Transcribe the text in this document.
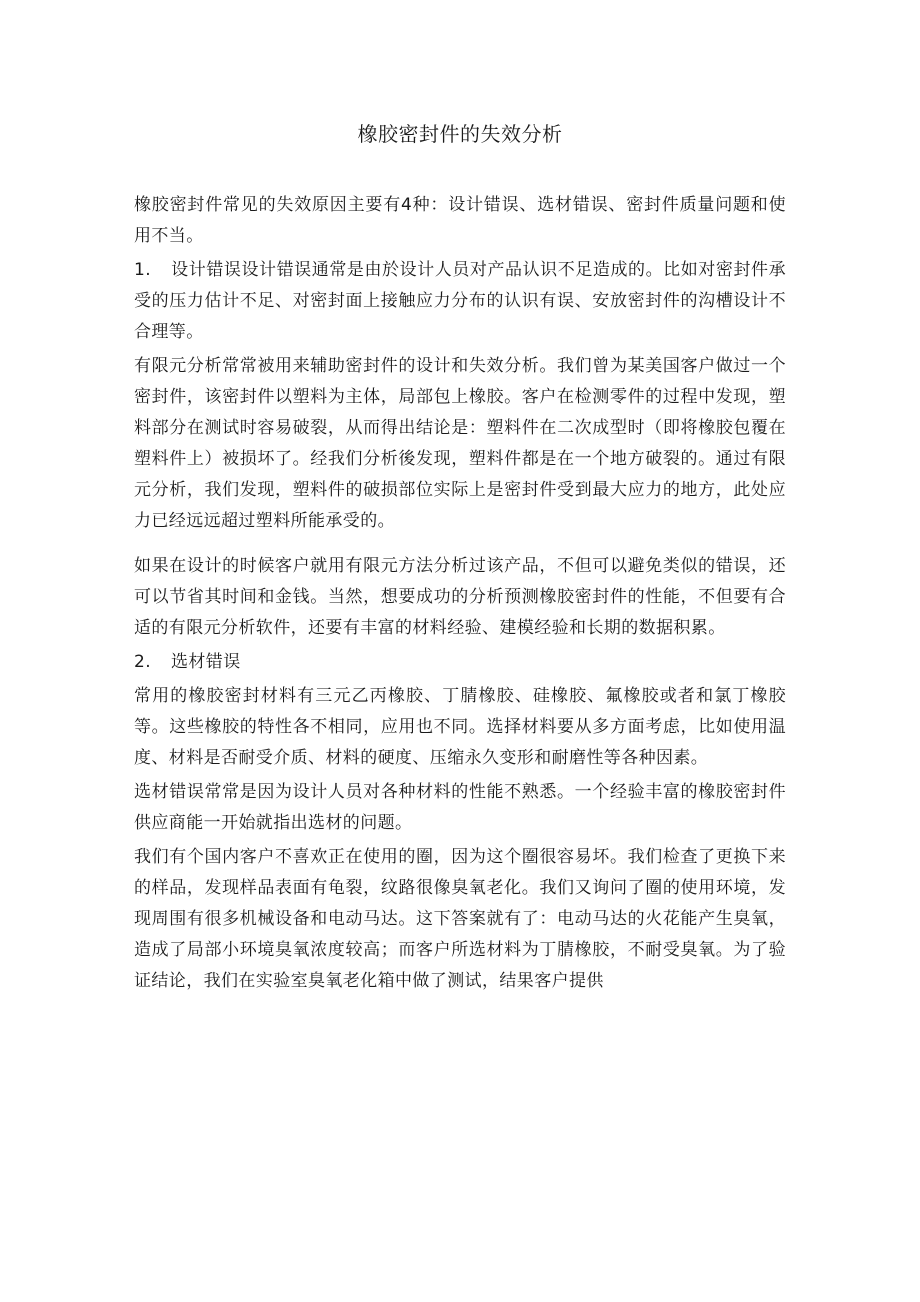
橡胶密封件的失效分析

橡胶密封件常见的失效原因主要有4种：设计错误、选材错误、密封件质量问题和使用不当。

1. 设计错误设计错误通常是由於设计人员对产品认识不足造成的。比如对密封件承受的压力估计不足、对密封面上接触应力分布的认识有误、安放密封件的沟槽设计不合理等。

有限元分析常常被用来辅助密封件的设计和失效分析。我们曾为某美国客户做过一个密封件，该密封件以塑料为主体，局部包上橡胶。客户在检测零件的过程中发现，塑料部分在测试时容易破裂，从而得出结论是：塑料件在二次成型时（即将橡胶包覆在塑料件上）被损坏了。经我们分析後发现，塑料件都是在一个地方破裂的。通过有限元分析，我们发现，塑料件的破损部位实际上是密封件受到最大应力的地方，此处应力已经远远超过塑料所能承受的。

如果在设计的时候客户就用有限元方法分析过该产品，不但可以避免类似的错误，还可以节省其时间和金钱。当然，想要成功的分析预测橡胶密封件的性能，不但要有合适的有限元分析软件，还要有丰富的材料经验、建模经验和长期的数据积累。

2.	选材错误

常用的橡胶密封材料有三元乙丙橡胶、丁腈橡胶、硅橡胶、氟橡胶或者和氯丁橡胶等。这些橡胶的特性各不相同，应用也不同。选择材料要从多方面考虑，比如使用温度、材料是否耐受介质、材料的硬度、压缩永久变形和耐磨性等各种因素。

选材错误常常是因为设计人员对各种材料的性能不熟悉。一个经验丰富的橡胶密封件供应商能一开始就指出选材的问题。

我们有个国内客户不喜欢正在使用的圈，因为这个圈很容易坏。我们检查了更换下来的样品，发现样品表面有龟裂，纹路很像臭氧老化。我们又询问了圈的使用环境，发现周围有很多机械设备和电动马达。这下答案就有了：电动马达的火花能产生臭氧，造成了局部小环境臭氧浓度较高；而客户所选材料为丁腈橡胶，不耐受臭氧。为了验证结论，我们在实验室臭氧老化箱中做了测试，结果客户提供
